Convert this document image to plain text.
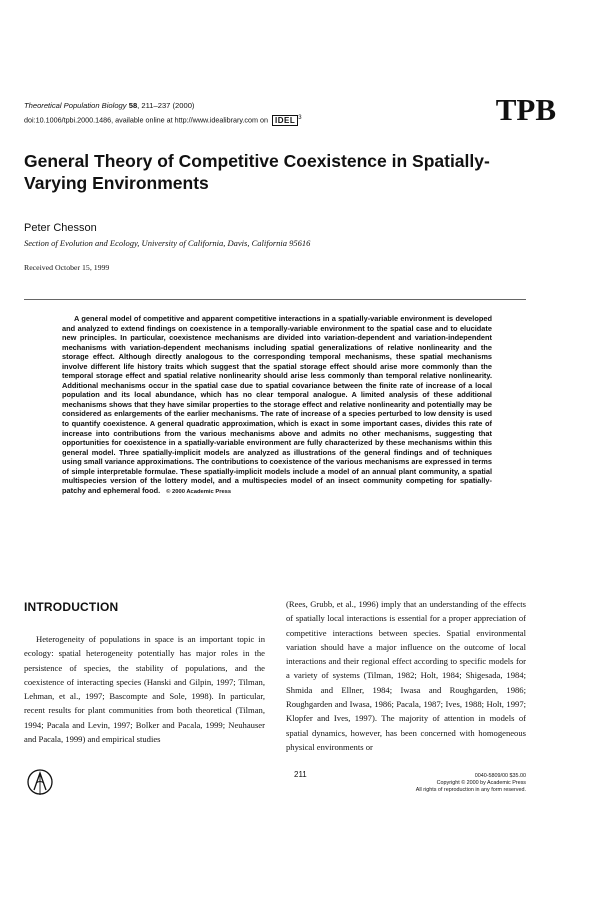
Theoretical Population Biology 58, 211–237 (2000)
doi:10.1006/tpbi.2000.1486, available online at http://www.idealibrary.com on IDEL $^3$	TPB
General Theory of Competitive Coexistence in Spatially-Varying Environments
Peter Chesson
Section of Evolution and Ecology, University of California, Davis, California 95616
Received October 15, 1999
A general model of competitive and apparent competitive interactions in a spatially-variable environment is developed and analyzed to extend findings on coexistence in a temporally-variable environment to the spatial case and to elucidate new principles. In particular, coexistence mechanisms are divided into variation-dependent and variation-independent mechanisms with variation-dependent mechanisms including spatial generalizations of relative nonlinearity and the storage effect. Although directly analogous to the corresponding temporal mechanisms, these spatial mechanisms involve different life history traits which suggest that the spatial storage effect should arise more commonly than the temporal storage effect and spatial relative nonlinearity should arise less commonly than temporal relative nonlinearity. Additional mechanisms occur in the spatial case due to spatial covariance between the finite rate of increase of a local population and its local abundance, which has no clear temporal analogue. A limited analysis of these additional mechanisms shows that they have similar properties to the storage effect and relative nonlinearity and potentially may be considered as enlargements of the earlier mechanisms. The rate of increase of a species perturbed to low density is used to quantify coexistence. A general quadratic approximation, which is exact in some important cases, divides this rate of increase into contributions from the various mechanisms above and admits no other mechanisms, suggesting that opportunities for coexistence in a spatially-variable environment are fully characterized by these mechanisms within this general model. Three spatially-implicit models are analyzed as illustrations of the general findings and of techniques using small variance approximations. The contributions to coexistence of the various mechanisms are expressed in terms of simple interpretable formulae. These spatially-implicit models include a model of an annual plant community, a spatial multispecies version of the lottery model, and a multispecies model of an insect community competing for spatially-patchy and ephemeral food. © 2000 Academic Press
INTRODUCTION
Heterogeneity of populations in space is an important topic in ecology: spatial heterogeneity potentially has major roles in the persistence of species, the stability of populations, and the coexistence of interacting species (Hanski and Gilpin, 1997; Tilman, Lehman, et al., 1997; Bascompte and Sole, 1998). In particular, recent results for plant communities from both theoretical (Tilman, 1994; Pacala and Levin, 1997; Bolker and Pacala, 1999; Neuhauser and Pacala, 1999) and empirical studies
(Rees, Grubb, et al., 1996) imply that an understanding of the effects of spatially local interactions is essential for a proper appreciation of competitive interactions between species. Spatial environmental variation should have a major influence on the outcome of local interactions and their regional effect according to specific models for a variety of systems (Tilman, 1982; Holt, 1984; Shigesada, 1984; Shmida and Ellner, 1984; Iwasa and Roughgarden, 1986; Roughgarden and Iwasa, 1986; Pacala, 1987; Ives, 1988; Holt, 1997; Klopfer and Ives, 1997). The majority of attention in models of spatial dynamics, however, has been concerned with homogeneous physical environments or
211	0040-5809/00 $35.00
Copyright © 2000 by Academic Press
All rights of reproduction in any form reserved.
